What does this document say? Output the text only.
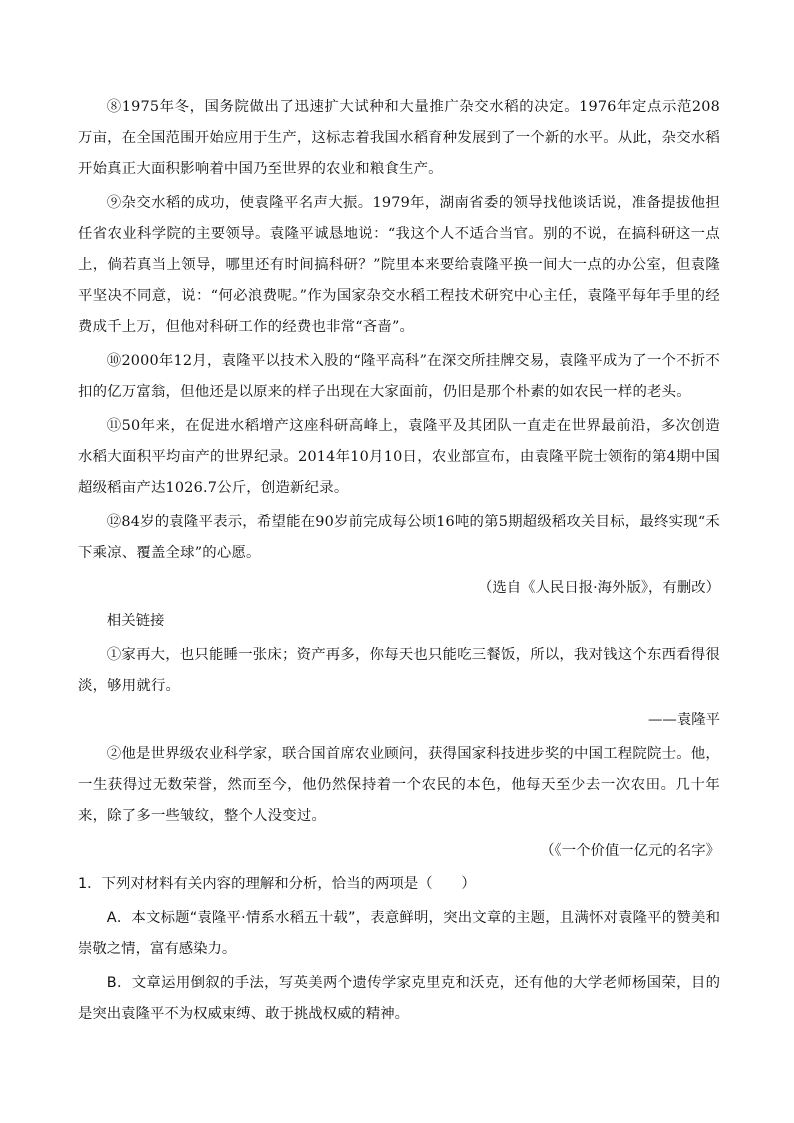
⑧1975年冬，国务院做出了迅速扩大试种和大量推广杂交水稻的决定。1976年定点示范208万亩，在全国范围开始应用于生产，这标志着我国水稻育种发展到了一个新的水平。从此，杂交水稻开始真正大面积影响着中国乃至世界的农业和粮食生产。

⑨杂交水稻的成功，使袁隆平名声大振。1979年，湖南省委的领导找他谈话说，准备提拔他担任省农业科学院的主要领导。袁隆平诚恳地说：“我这个人不适合当官。别的不说，在搞科研这一点上，倘若真当上领导，哪里还有时间搞科研？”院里本来要给袁隆平换一间大一点的办公室，但袁隆平坚决不同意，说：“何必浪费呢。”作为国家杂交水稻工程技术研究中心主任，袁隆平每年手里的经费成千上万，但他对科研工作的经费也非常“吝啬”。

⑩2000年12月，袁隆平以技术入股的“隆平高科”在深交所挂牌交易，袁隆平成为了一个不折不扣的亿万富翁，但他还是以原来的样子出现在大家面前，仍旧是那个朴素的如农民一样的老头。

⑪50年来，在促进水稻增产这座科研高峰上，袁隆平及其团队一直走在世界最前沿，多次创造水稻大面积平均亩产的世界纪录。2014年10月10日，农业部宣布，由袁隆平院士领衔的第4期中国超级稻亩产达1026.7公斤，创造新纪录。

⑫84岁的袁隆平表示，希望能在90岁前完成每公顷16吨的第5期超级稻攻关目标，最终实现“禾下乘凉、覆盖全球”的心愿。

（选自《人民日报·海外版》，有删改）
相关链接

①家再大，也只能睡一张床；资产再多，你每天也只能吃三餐饭，所以，我对钱这个东西看得很淡，够用就行。

——袁隆平

②他是世界级农业科学家，联合国首席农业顾问，获得国家科技进步奖的中国工程院院士。他，一生获得过无数荣誉，然而至今，他仍然保持着一个农民的本色，他每天至少去一次农田。几十年来，除了多一些皱纹，整个人没变过。

（《一个价值一亿元的名字》
1．下列对材料有关内容的理解和分析，恰当的两项是（　　）
A．本文标题“袁隆平·情系水稻五十载”，表意鲜明，突出文章的主题，且满怀对袁隆平的赞美和崇敬之情，富有感染力。
B．文章运用倒叙的手法，写英美两个遗传学家克里克和沃克，还有他的大学老师杨国荣，目的是突出袁隆平不为权威束缚、敢于挑战权威的精神。
